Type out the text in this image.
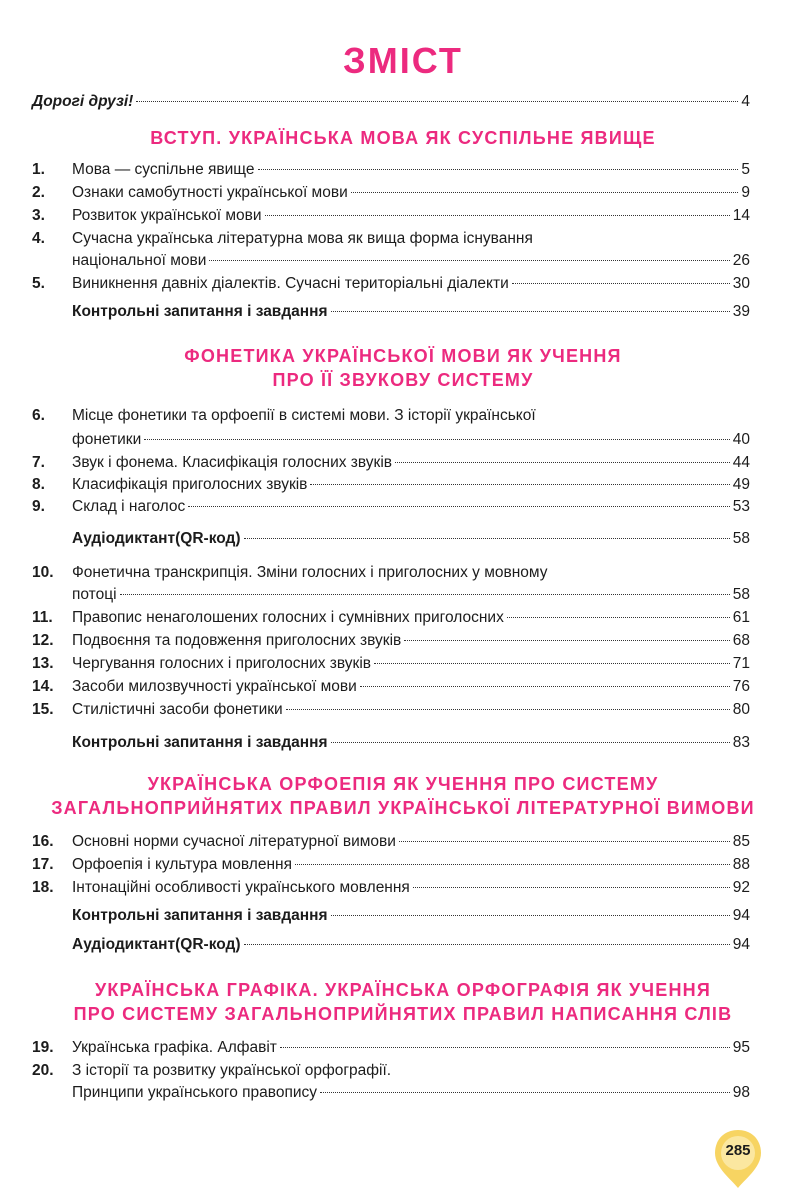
ЗМІСТ
Дорогі друзі!	4
ВСТУП. УКРАЇНСЬКА МОВА ЯК СУСПІЛЬНЕ ЯВИЩЕ
1. Мова — суспільне явище	5
2. Ознаки самобутності української мови	9
3. Розвиток української мови	14
4. Сучасна українська літературна мова як вища форма існування
національної мови	26
5. Виникнення давніх діалектів. Сучасні територіальні діалекти	30
Контрольні запитання і завдання	39
ФОНЕТИКА УКРАЇНСЬКОЇ МОВИ ЯК УЧЕННЯ
ПРО ЇЇ ЗВУКОВУ СИСТЕМУ
6. Місце фонетики та орфоепії в системі мови. З історії української
фонетики	40
7. Звук і фонема. Класифікація голосних звуків	44
8. Класифікація приголосних звуків	49
9. Склад і наголос	53
Аудіодиктант(QR-код)	58
10. Фонетична транскрипція. Зміни голосних і приголосних у мовному
потоці	58
11. Правопис ненаголошених голосних і сумнівних приголосних	61
12. Подвоєння та подовження приголосних звуків	68
13. Чергування голосних і приголосних звуків	71
14. Засоби милозвучності української мови	76
15. Стилістичні засоби фонетики	80
Контрольні запитання і завдання	83
УКРАЇНСЬКА ОРФОЕПІЯ ЯК УЧЕННЯ ПРО СИСТЕМУ
ЗАГАЛЬНОПРИЙНЯТИХ ПРАВИЛ УКРАЇНСЬКОЇ ЛІТЕРАТУРНОЇ ВИМОВИ
16. Основні норми сучасної літературної вимови	85
17. Орфоепія і культура мовлення	88
18. Інтонаційні особливості українського мовлення	92
Контрольні запитання і завдання	94
Аудіодиктант(QR-код)	94
УКРАЇНСЬКА ГРАФІКА. УКРАЇНСЬКА ОРФОГРАФІЯ ЯК УЧЕННЯ
ПРО СИСТЕМУ ЗАГАЛЬНОПРИЙНЯТИХ ПРАВИЛ НАПИСАННЯ СЛІВ
19. Українська графіка. Алфавіт	95
20. З історії та розвитку української орфографії.
Принципи українського правопису	98
285
